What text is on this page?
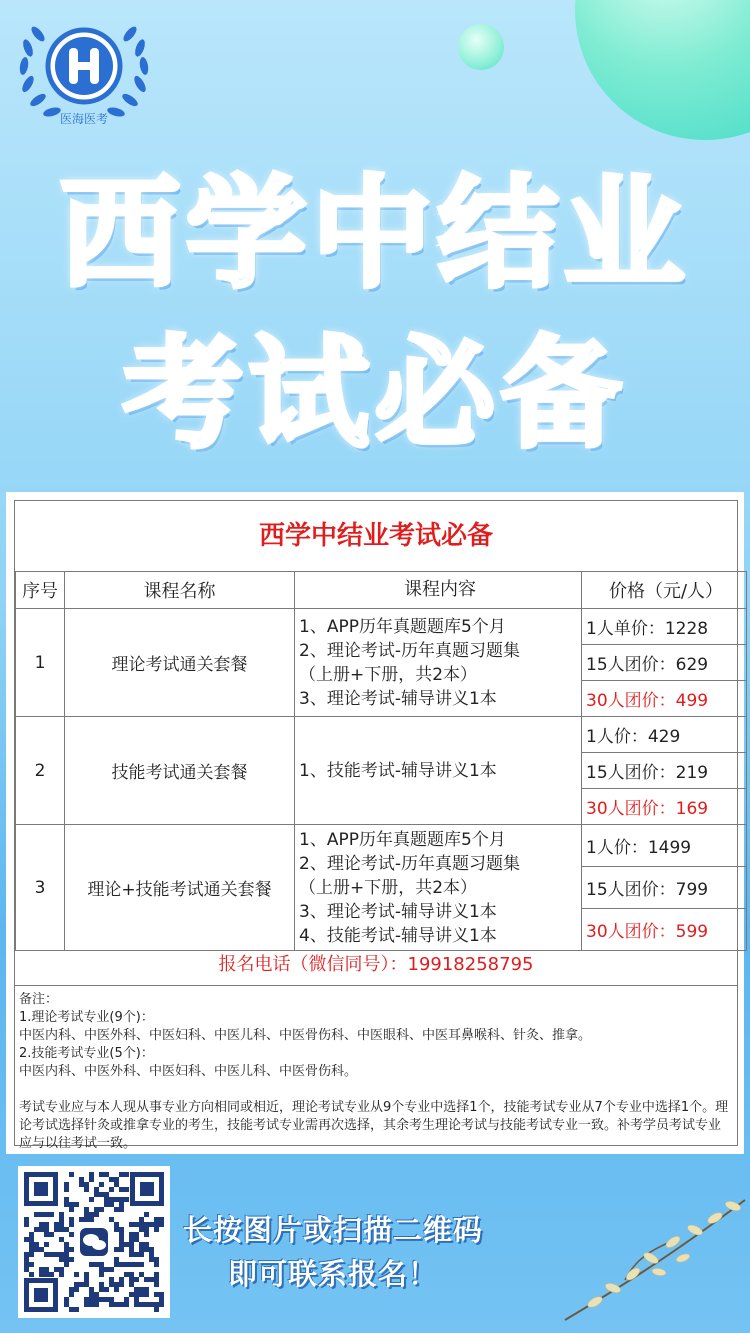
医海医考
西学中结业
考试必备
西学中结业考试必备
序号	课程名称	课程内容	价格（元/人）
1	理论考试通关套餐	1、APP历年真题题库5个月
2、理论考试-历年真题习题集
（上册+下册，共2本）
3、理论考试-辅导讲义1本	1人单价：1228
			15人团价：629
			30人团价：499
2	技能考试通关套餐	1、技能考试-辅导讲义1本	1人价：429
			15人团价：219
			30人团价：169
3	理论+技能考试通关套餐	1、APP历年真题题库5个月
2、理论考试-历年真题习题集
（上册+下册，共2本）
3、理论考试-辅导讲义1本
4、技能考试-辅导讲义1本	1人价：1499
			15人团价：799
			30人团价：599
报名电话（微信同号）：19918258795

备注：

1.理论考试专业(9个)：

中医内科、中医外科、中医妇科、中医儿科、中医骨伤科、中医眼科、中医耳鼻喉科、针灸、推拿。

2.技能考试专业(5个)：

中医内科、中医外科、中医妇科、中医儿科、中医骨伤科。

考试专业应与本人现从事专业方向相同或相近，理论考试专业从9个专业中选择1个，技能考试专业从7个专业中选择1个。理论考试选择针灸或推拿专业的考生，技能考试专业需再次选择，其余考生理论考试与技能考试专业一致。补考学员考试专业应与以往考试一致。

长按图片或扫描二维码
即可联系报名！
